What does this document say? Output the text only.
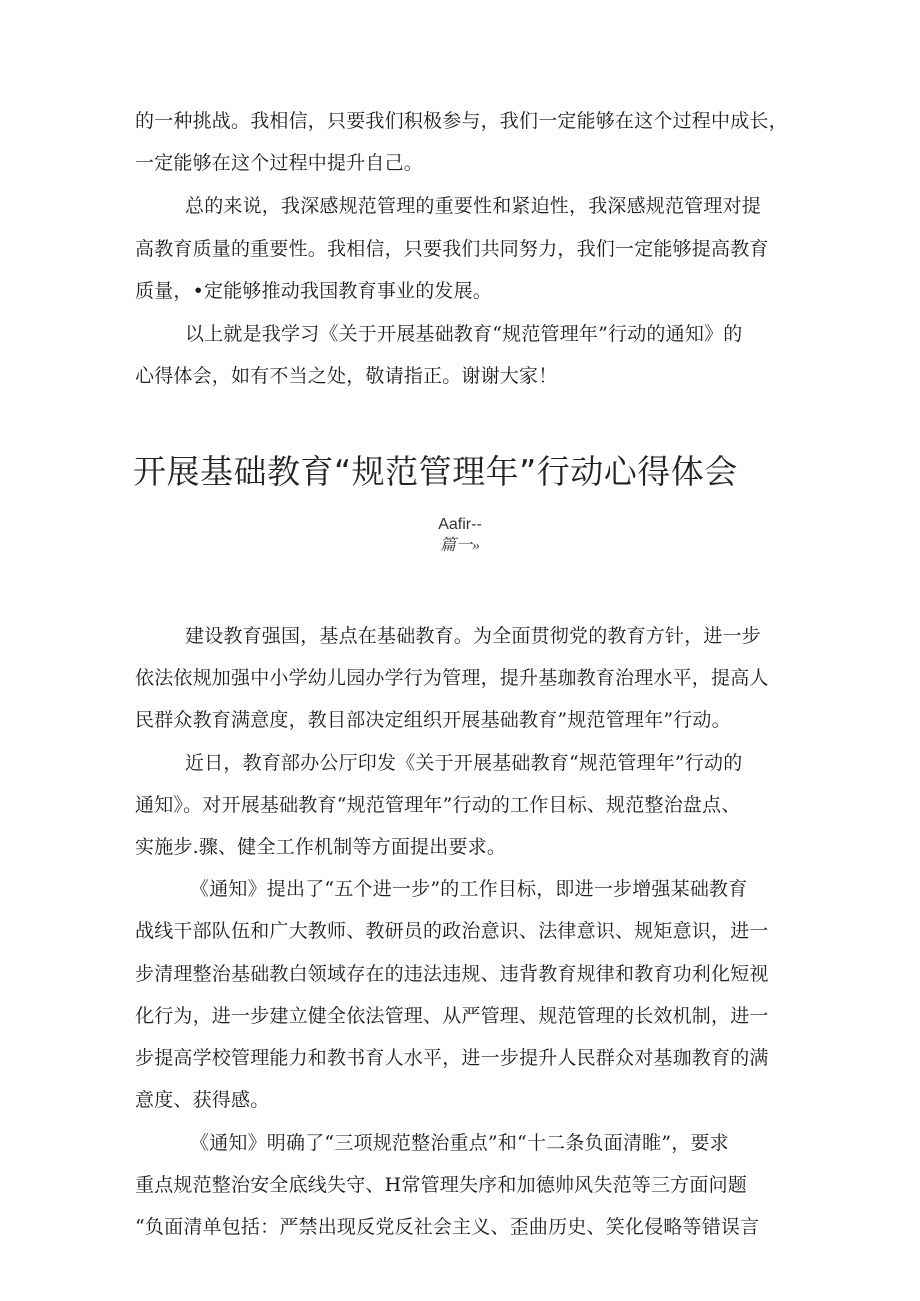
的一种挑战。我相信，只要我们积极参与，我们一定能够在这个过程中成长，
一定能够在这个过程中提升自己。
总的来说，我深感规范管理的重要性和紧迫性，我深感规范管理对提
高教育质量的重要性。我相信，只要我们共同努力，我们一定能够提高教育
质量，•定能够推动我国教育事业的发展。
以上就是我学习《关于开展基础教育“规范管理年”行动的通知》的
心得体会，如有不当之处，敬请指正。谢谢大家！
开展基础教育“规范管理年”行动心得体会
Aafir--
篇一»
建设教育强国，基点在基础教育。为全面贯彻党的教育方针，进一步
依法依规加强中小学幼儿园办学行为管理，提升基珈教育治理水平，提高人
民群众教育满意度，教目部决定组织开展基础教育”规范管理年”行动。
近日，教育部办公厅印发《关于开展基础教育“规范管理年”行动的
通知》。对开展基础教育“规范管理年”行动的工作目标、规范整治盘点、
实施步.骤、健全工作机制等方面提出要求。
《通知》提出了“五个进一步”的工作目标，即进一步增强某础教育
战线干部队伍和广大教师、教研员的政治意识、法律意识、规矩意识，进一
步清理整治基础教白领域存在的违法违规、违背教育规律和教育功利化短视
化行为，进一步建立健全依法管理、从严管理、规范管理的长效机制，进一
步提高学校管理能力和教书育人水平，进一步提升人民群众对基珈教育的满
意度、获得感。
《通知》明确了“三项规范整治重点”和“十二条负面清睢”，要求
重点规范整治安全底线失守、H常管理失序和加德帅风失范等三方面问题
“负面清单包括：严禁出现反党反社会主义、歪曲历史、笑化侵略等错误言
